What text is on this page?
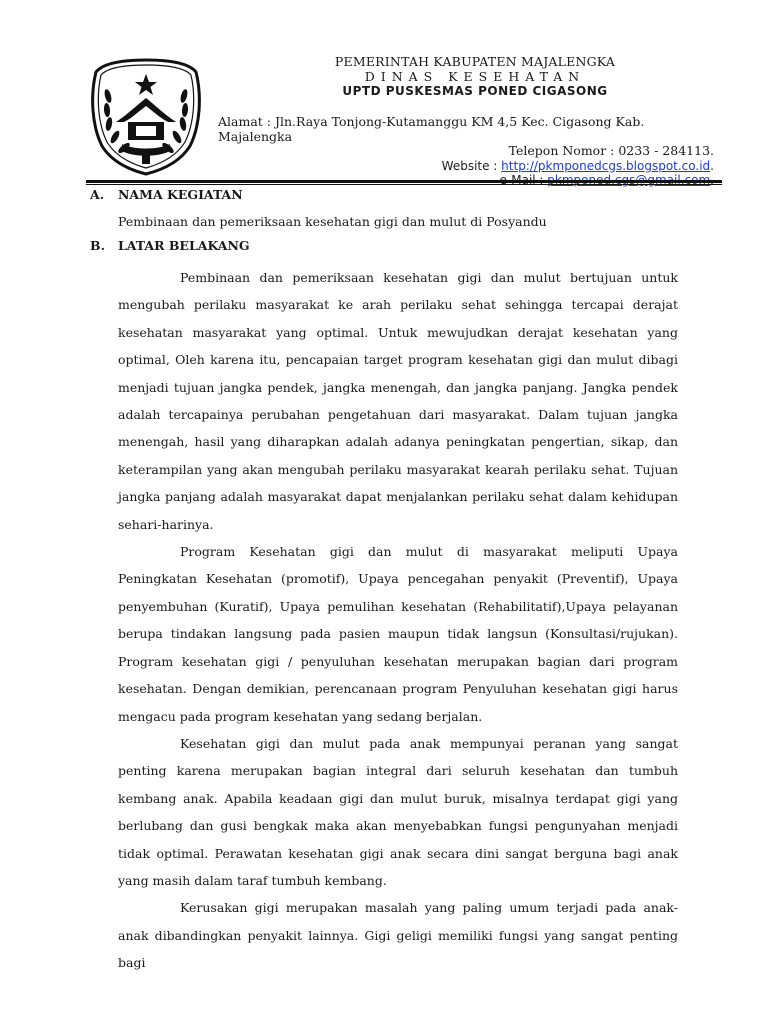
PEMERINTAH KABUPATEN MAJALENGKA
DINAS KESEHATAN
UPTD PUSKESMAS PONED CIGASONG
Alamat : Jln.Raya Tonjong-Kutamanggu KM 4,5 Kec. Cigasong Kab. Majalengka
Telepon Nomor : 0233 - 284113.
Website : http://pkmponedcgs.blogspot.co.id.
A.	NAMA KEGIATAN
Pembinaan dan pemeriksaan kesehatan gigi dan mulut di Posyandu
B.	LATAR BELAKANG
Pembinaan dan pemeriksaan kesehatan gigi dan mulut bertujuan untuk mengubah perilaku masyarakat ke arah perilaku sehat sehingga tercapai derajat kesehatan masyarakat yang optimal. Untuk mewujudkan derajat kesehatan yang optimal, Oleh karena itu, pencapaian target program kesehatan gigi dan mulut dibagi menjadi tujuan jangka pendek, jangka menengah, dan jangka panjang. Jangka pendek adalah tercapainya perubahan pengetahuan dari masyarakat. Dalam tujuan jangka menengah, hasil yang diharapkan adalah adanya peningkatan pengertian, sikap, dan keterampilan yang akan mengubah perilaku masyarakat kearah perilaku sehat. Tujuan jangka panjang adalah masyarakat dapat menjalankan perilaku sehat dalam kehidupan sehari-harinya.
Program Kesehatan gigi dan mulut di masyarakat meliputi Upaya Peningkatan Kesehatan (promotif), Upaya pencegahan penyakit (Preventif), Upaya penyembuhan (Kuratif), Upaya pemulihan kesehatan (Rehabilitatif),Upaya pelayanan berupa tindakan langsung pada pasien maupun tidak langsun (Konsultasi/rujukan). Program kesehatan gigi / penyuluhan kesehatan merupakan bagian dari program kesehatan. Dengan demikian, perencanaan program Penyuluhan kesehatan gigi harus mengacu pada program kesehatan yang sedang berjalan.
Kesehatan gigi dan mulut pada anak mempunyai peranan yang sangat penting karena merupakan bagian integral dari seluruh kesehatan dan tumbuh kembang anak. Apabila keadaan gigi dan mulut buruk, misalnya terdapat gigi yang berlubang dan gusi bengkak maka akan menyebabkan fungsi pengunyahan menjadi tidak optimal. Perawatan kesehatan gigi anak secara dini sangat berguna bagi anak yang masih dalam taraf tumbuh kembang.
Kerusakan gigi merupakan masalah yang paling umum terjadi pada anak-anak dibandingkan penyakit lainnya. Gigi geligi memiliki fungsi yang sangat penting bagi
